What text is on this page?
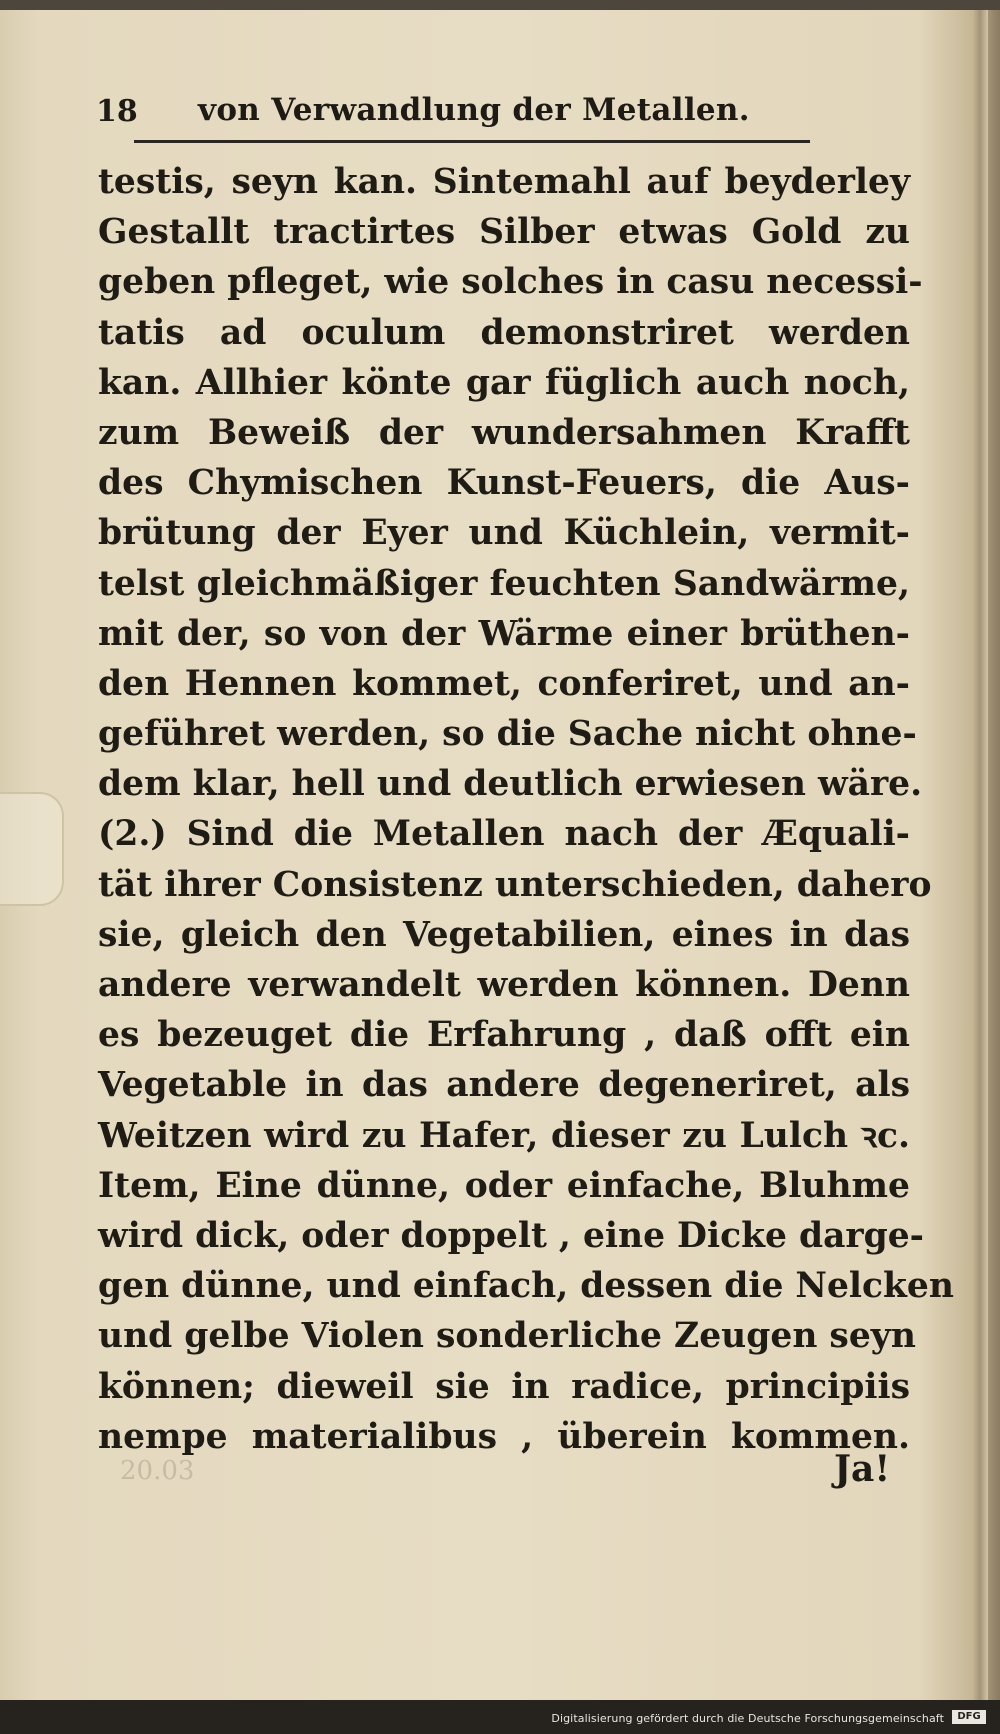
18 von Verwandlung der Metallen.
testis, seyn kan. Sintemahl auf beyderley
Gestallt tractirtes Silber etwas Gold zu
geben pfleget, wie solches in casu necessi-
tatis ad oculum demonstriret werden
kan. Allhier könte gar füglich auch noch,
zum Beweiß der wundersahmen Krafft
des Chymischen Kunst-Feuers, die Aus-
brütung der Eyer und Küchlein, vermit-
telst gleichmäßiger feuchten Sandwärme,
mit der, so von der Wärme einer brüthen-
den Hennen kommet, conferiret, und an-
geführet werden, so die Sache nicht ohne-
dem klar, hell und deutlich erwiesen wäre.
(2.) Sind die Metallen nach der Æquali-
tät ihrer Consistenz unterschieden, dahero
sie, gleich den Vegetabilien, eines in das
andere verwandelt werden können. Denn
es bezeuget die Erfahrung , daß offt ein
Vegetable in das andere degeneriret, als
Weitzen wird zu Hafer, dieser zu Lulch ꝛc.
Item, Eine dünne, oder einfache, Bluhme
wird dick, oder doppelt , eine Dicke darge-
gen dünne, und einfach, dessen die Nelcken
und gelbe Violen sonderliche Zeugen seyn
können; dieweil sie in radice, principiis
nempe materialibus , überein kommen.
20.03	Ja!
Digitalisierung gefördert durch die Deutsche Forschungsgemeinschaft	DFG
